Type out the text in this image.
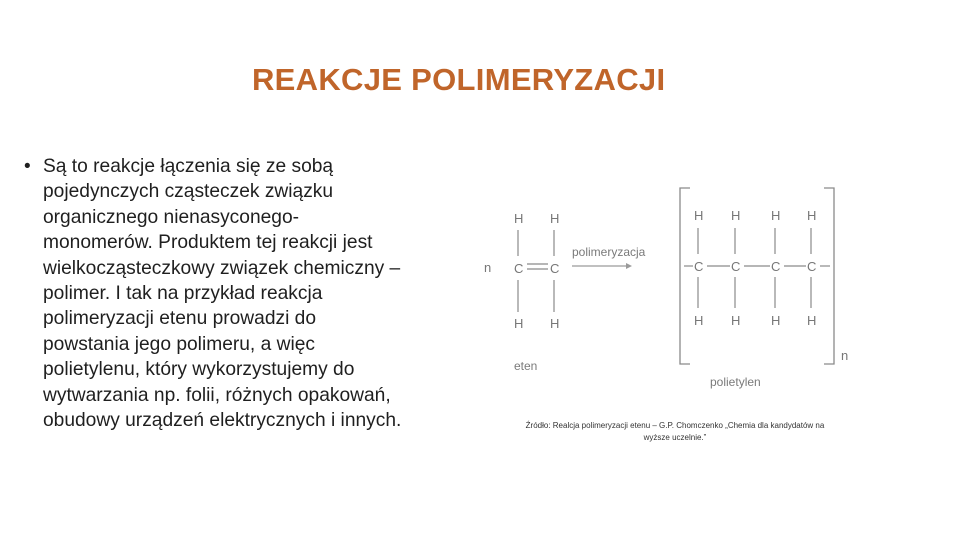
REAKCJE POLIMERYZACJI
• Są to reakcje łączenia się ze sobą
pojedynczych cząsteczek związku
organicznego nienasyconego-
monomerów. Produktem tej reakcji jest
wielkocząsteczkowy związek chemiczny –
polimer. I tak na przykład reakcja
polimeryzacji etenu prowadzi do
powstania jego polimeru, a więc
polietylenu, który wykorzystujemy do
wytwarzania np. folii, różnych opakowań,
obudowy urządzeń elektrycznych i innych.
n
H H
C C
H H
eten
polimeryzacja
n
H H H H
C C C C
H H H H
polietylen
Źródło: Realcja polimeryzacji etenu – G.P. Chomczenko „Chemia dla kandydatów na
wyższe uczelnie.”
